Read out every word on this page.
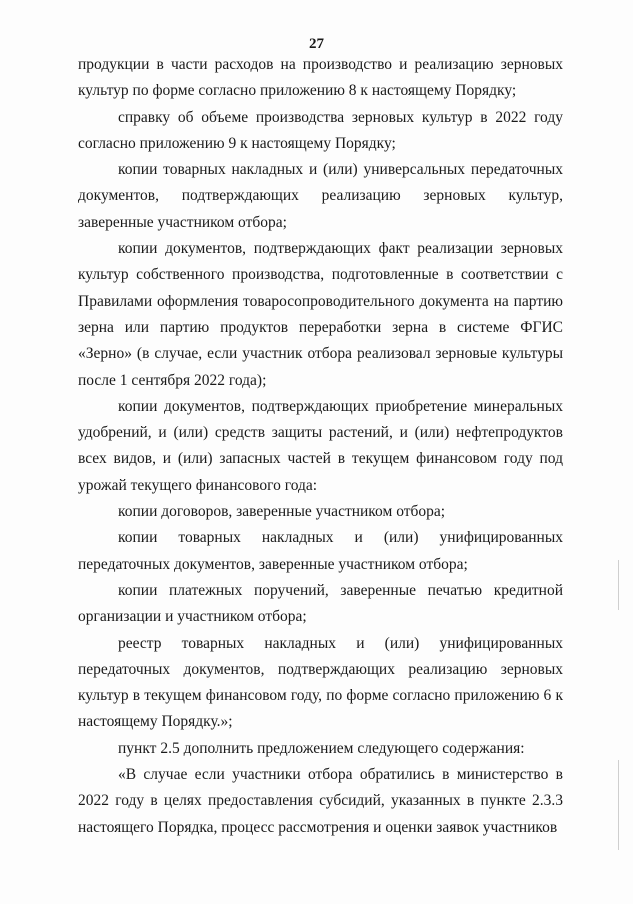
27

продукции в части расходов на производство и реализацию зерновых культур по форме согласно приложению 8 к настоящему Порядку;

справку об объеме производства зерновых культур в 2022 году согласно приложению 9 к настоящему Порядку;

копии товарных накладных и (или) универсальных передаточных документов, подтверждающих реализацию зерновых культур, заверенные участником отбора;

копии документов, подтверждающих факт реализации зерновых культур собственного производства, подготовленные в соответствии с Правилами оформления товаросопроводительного документа на партию зерна или партию продуктов переработки зерна в системе ФГИС «Зерно» (в случае, если участник отбора реализовал зерновые культуры после 1 сентября 2022 года);

копии документов, подтверждающих приобретение минеральных удобрений, и (или) средств защиты растений, и (или) нефтепродуктов всех видов, и (или) запасных частей в текущем финансовом году под урожай текущего финансового года:

копии договоров, заверенные участником отбора;

копии товарных накладных и (или) унифицированных передаточных документов, заверенные участником отбора;

копии платежных поручений, заверенные печатью кредитной организации и участником отбора;

реестр товарных накладных и (или) унифицированных передаточных документов, подтверждающих реализацию зерновых культур в текущем финансовом году, по форме согласно приложению 6 к настоящему Порядку.»;

пункт 2.5 дополнить предложением следующего содержания:

«В случае если участники отбора обратились в министерство в 2022 году в целях предоставления субсидий, указанных в пункте 2.3.3 настоящего Порядка, процесс рассмотрения и оценки заявок участников
